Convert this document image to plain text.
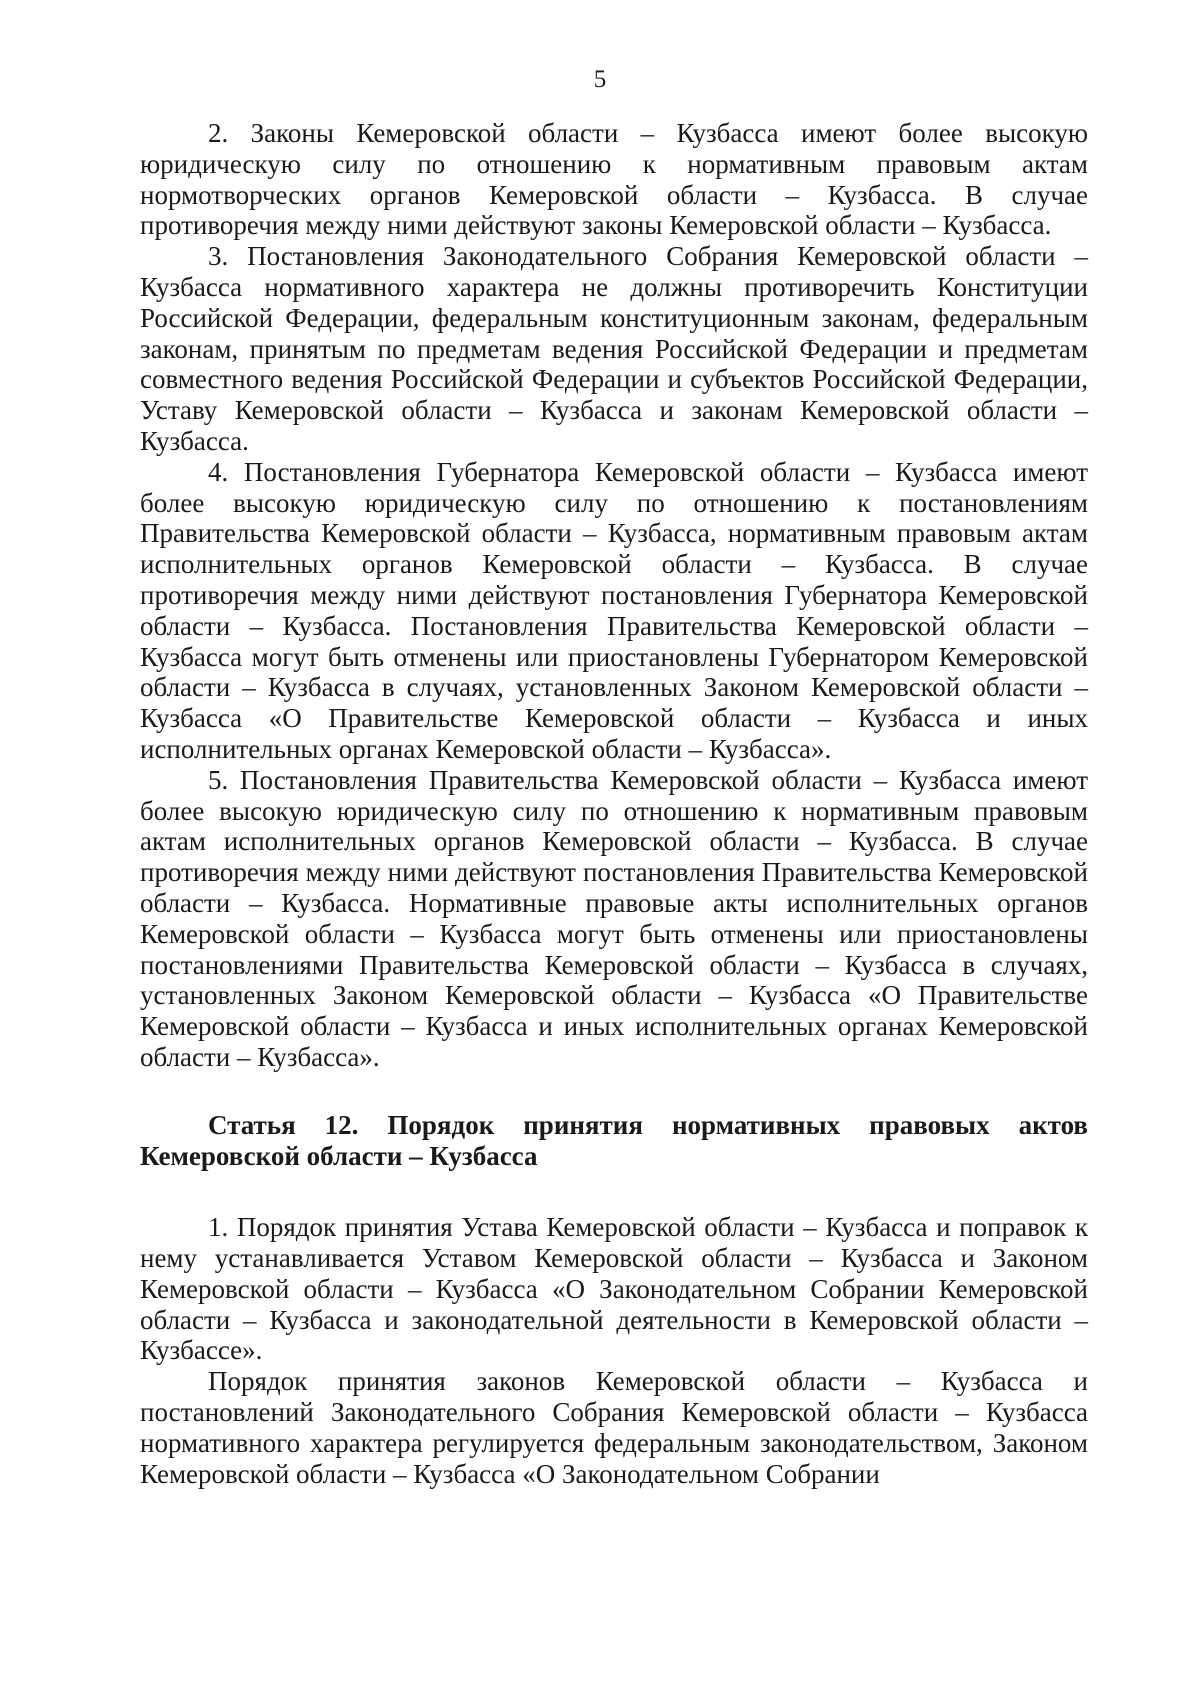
5

2. Законы Кемеровской области – Кузбасса имеют более высокую юридическую силу по отношению к нормативным правовым актам нормотворческих органов Кемеровской области – Кузбасса. В случае противоречия между ними действуют законы Кемеровской области – Кузбасса.

3. Постановления Законодательного Собрания Кемеровской области – Кузбасса нормативного характера не должны противоречить Конституции Российской Федерации, федеральным конституционным законам, федеральным законам, принятым по предметам ведения Российской Федерации и предметам совместного ведения Российской Федерации и субъектов Российской Федерации, Уставу Кемеровской области – Кузбасса и законам Кемеровской области – Кузбасса.

4. Постановления Губернатора Кемеровской области – Кузбасса имеют более высокую юридическую силу по отношению к постановлениям Правительства Кемеровской области – Кузбасса, нормативным правовым актам исполнительных органов Кемеровской области – Кузбасса. В случае противоречия между ними действуют постановления Губернатора Кемеровской области – Кузбасса. Постановления Правительства Кемеровской области – Кузбасса могут быть отменены или приостановлены Губернатором Кемеровской области – Кузбасса в случаях, установленных Законом Кемеровской области – Кузбасса «О Правительстве Кемеровской области – Кузбасса и иных исполнительных органах Кемеровской области – Кузбасса».

5. Постановления Правительства Кемеровской области – Кузбасса имеют более высокую юридическую силу по отношению к нормативным правовым актам исполнительных органов Кемеровской области – Кузбасса. В случае противоречия между ними действуют постановления Правительства Кемеровской области – Кузбасса. Нормативные правовые акты исполнительных органов Кемеровской области – Кузбасса могут быть отменены или приостановлены постановлениями Правительства Кемеровской области – Кузбасса в случаях, установленных Законом Кемеровской области – Кузбасса «О Правительстве Кемеровской области – Кузбасса и иных исполнительных органах Кемеровской области – Кузбасса».

Статья 12. Порядок принятия нормативных правовых актов Кемеровской области – Кузбасса

1. Порядок принятия Устава Кемеровской области – Кузбасса и поправок к нему устанавливается Уставом Кемеровской области – Кузбасса и Законом Кемеровской области – Кузбасса «О Законодательном Собрании Кемеровской области – Кузбасса и законодательной деятельности в Кемеровской области – Кузбассе».

Порядок принятия законов Кемеровской области – Кузбасса и постановлений Законодательного Собрания Кемеровской области – Кузбасса нормативного характера регулируется федеральным законодательством, Законом Кемеровской области – Кузбасса «О Законодательном Собрании
